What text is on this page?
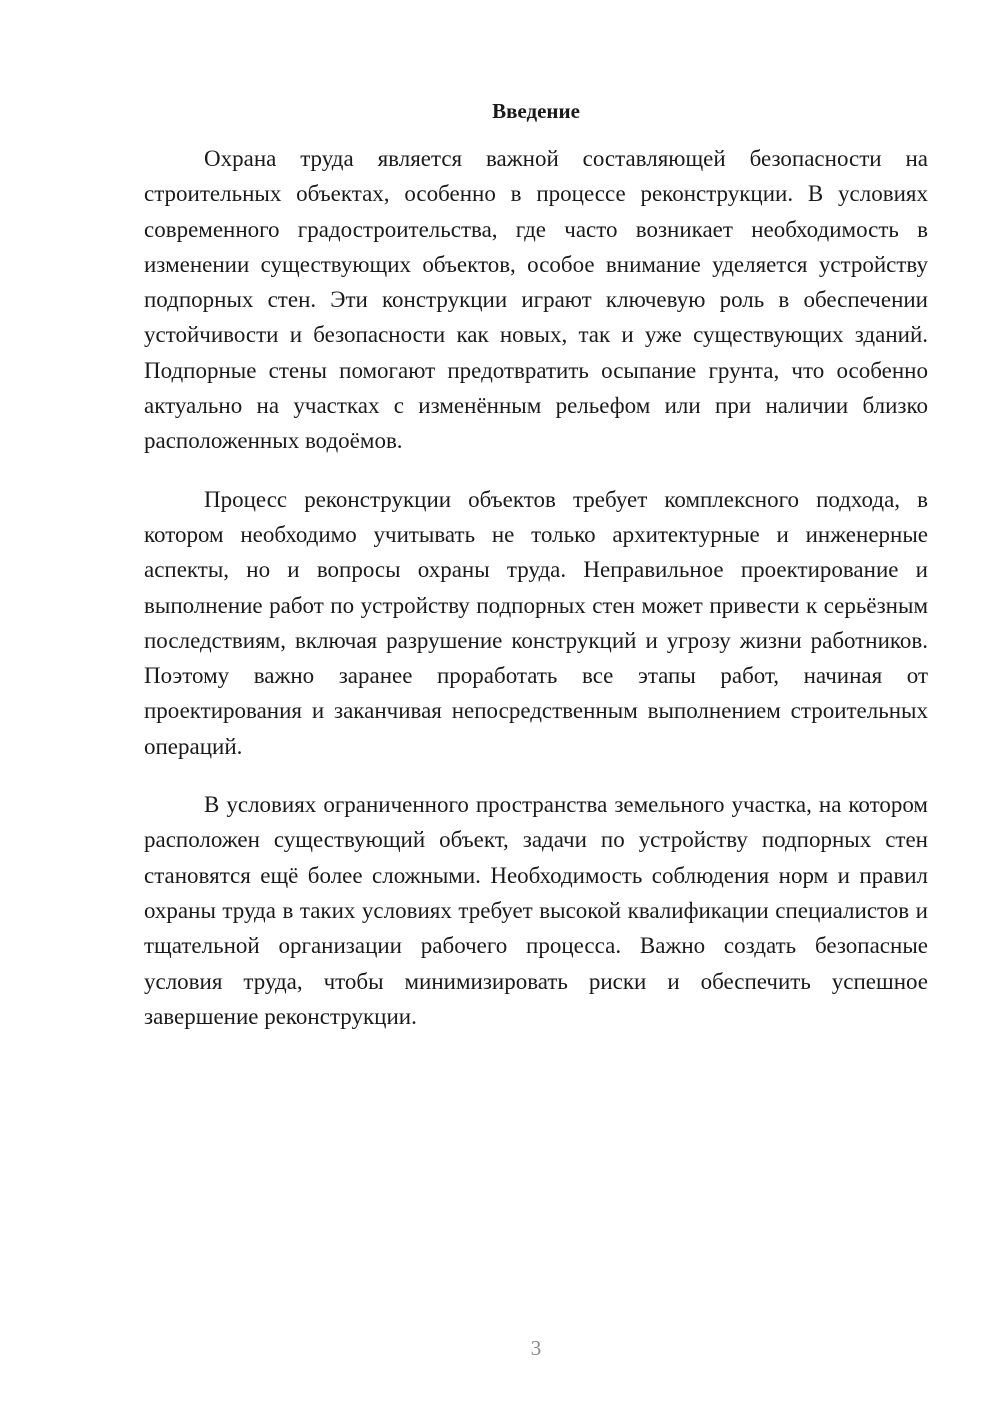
Введение

Охрана труда является важной составляющей безопасности на строительных объектах, особенно в процессе реконструкции. В условиях современного градостроительства, где часто возникает необходимость в изменении существующих объектов, особое внимание уделяется устройству подпорных стен. Эти конструкции играют ключевую роль в обеспечении устойчивости и безопасности как новых, так и уже существующих зданий. Подпорные стены помогают предотвратить осыпание грунта, что особенно актуально на участках с изменённым рельефом или при наличии близко расположенных водоёмов.

Процесс реконструкции объектов требует комплексного подхода, в котором необходимо учитывать не только архитектурные и инженерные аспекты, но и вопросы охраны труда. Неправильное проектирование и выполнение работ по устройству подпорных стен может привести к серьёзным последствиям, включая разрушение конструкций и угрозу жизни работников. Поэтому важно заранее проработать все этапы работ, начиная от проектирования и заканчивая непосредственным выполнением строительных операций.

В условиях ограниченного пространства земельного участка, на котором расположен существующий объект, задачи по устройству подпорных стен становятся ещё более сложными. Необходимость соблюдения норм и правил охраны труда в таких условиях требует высокой квалификации специалистов и тщательной организации рабочего процесса. Важно создать безопасные условия труда, чтобы минимизировать риски и обеспечить успешное завершение реконструкции.

3
